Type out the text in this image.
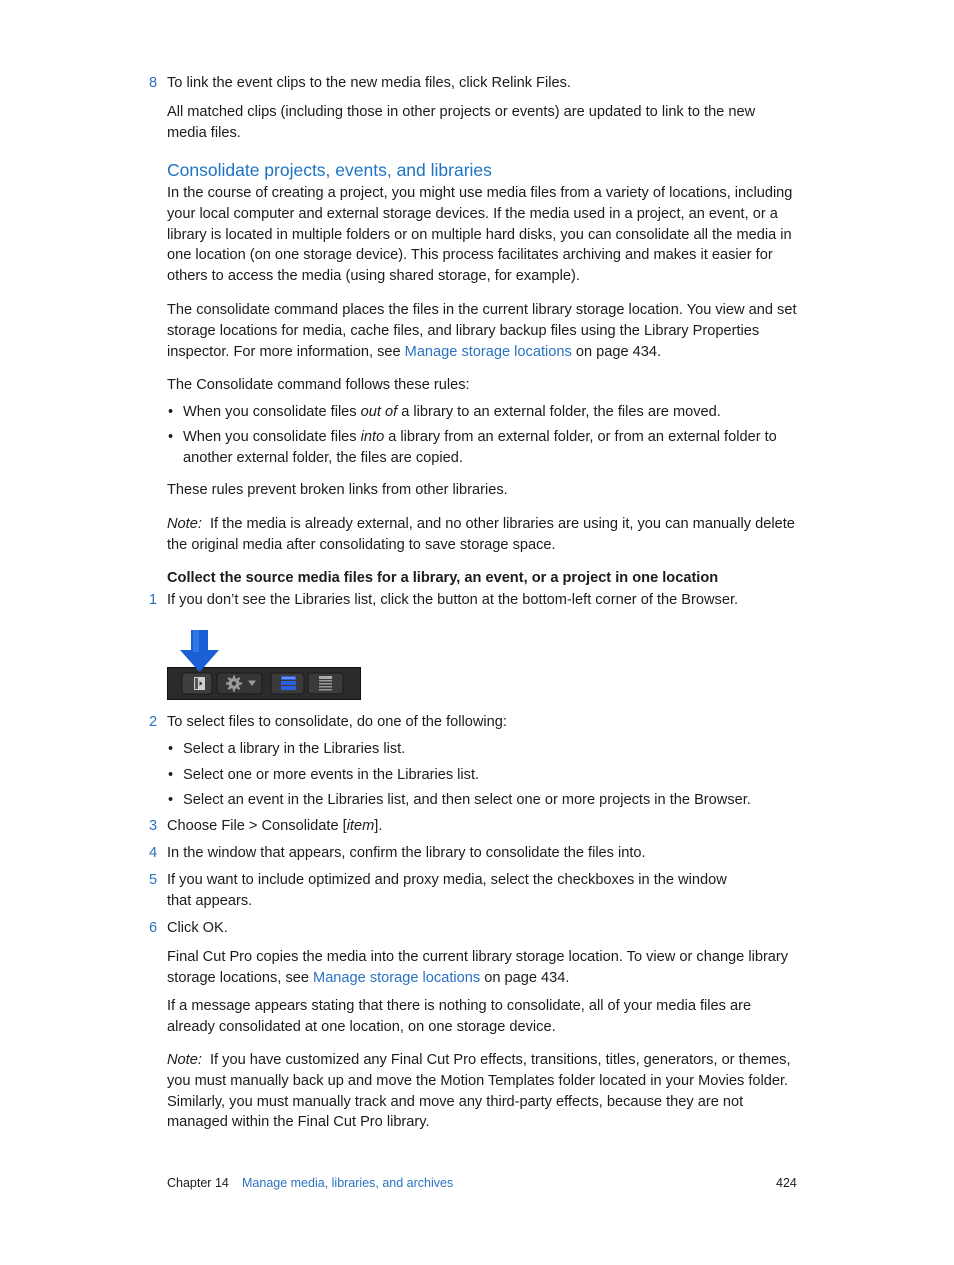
8 To link the event clips to the new media files, click Relink Files.
All matched clips (including those in other projects or events) are updated to link to the new media files.
Consolidate projects, events, and libraries
In the course of creating a project, you might use media files from a variety of locations, including your local computer and external storage devices. If the media used in a project, an event, or a library is located in multiple folders or on multiple hard disks, you can consolidate all the media in one location (on one storage device). This process facilitates archiving and makes it easier for others to access the media (using shared storage, for example).
The consolidate command places the files in the current library storage location. You view and set storage locations for media, cache files, and library backup files using the Library Properties inspector. For more information, see Manage storage locations on page 434.
The Consolidate command follows these rules:
• When you consolidate files out of a library to an external folder, the files are moved.
• When you consolidate files into a library from an external folder, or from an external folder to another external folder, the files are copied.
These rules prevent broken links from other libraries.
Note: If the media is already external, and no other libraries are using it, you can manually delete the original media after consolidating to save storage space.
Collect the source media files for a library, an event, or a project in one location
1 If you don’t see the Libraries list, click the button at the bottom-left corner of the Browser.
2 To select files to consolidate, do one of the following:
• Select a library in the Libraries list.
• Select one or more events in the Libraries list.
• Select an event in the Libraries list, and then select one or more projects in the Browser.
3 Choose File > Consolidate [item].
4 In the window that appears, confirm the library to consolidate the files into.
5 If you want to include optimized and proxy media, select the checkboxes in the window that appears.
6 Click OK.
Final Cut Pro copies the media into the current library storage location. To view or change library storage locations, see Manage storage locations on page 434.
If a message appears stating that there is nothing to consolidate, all of your media files are already consolidated at one location, on one storage device.
Note: If you have customized any Final Cut Pro effects, transitions, titles, generators, or themes, you must manually back up and move the Motion Templates folder located in your Movies folder. Similarly, you must manually track and move any third-party effects, because they are not managed within the Final Cut Pro library.
Chapter 14 Manage media, libraries, and archives	424
